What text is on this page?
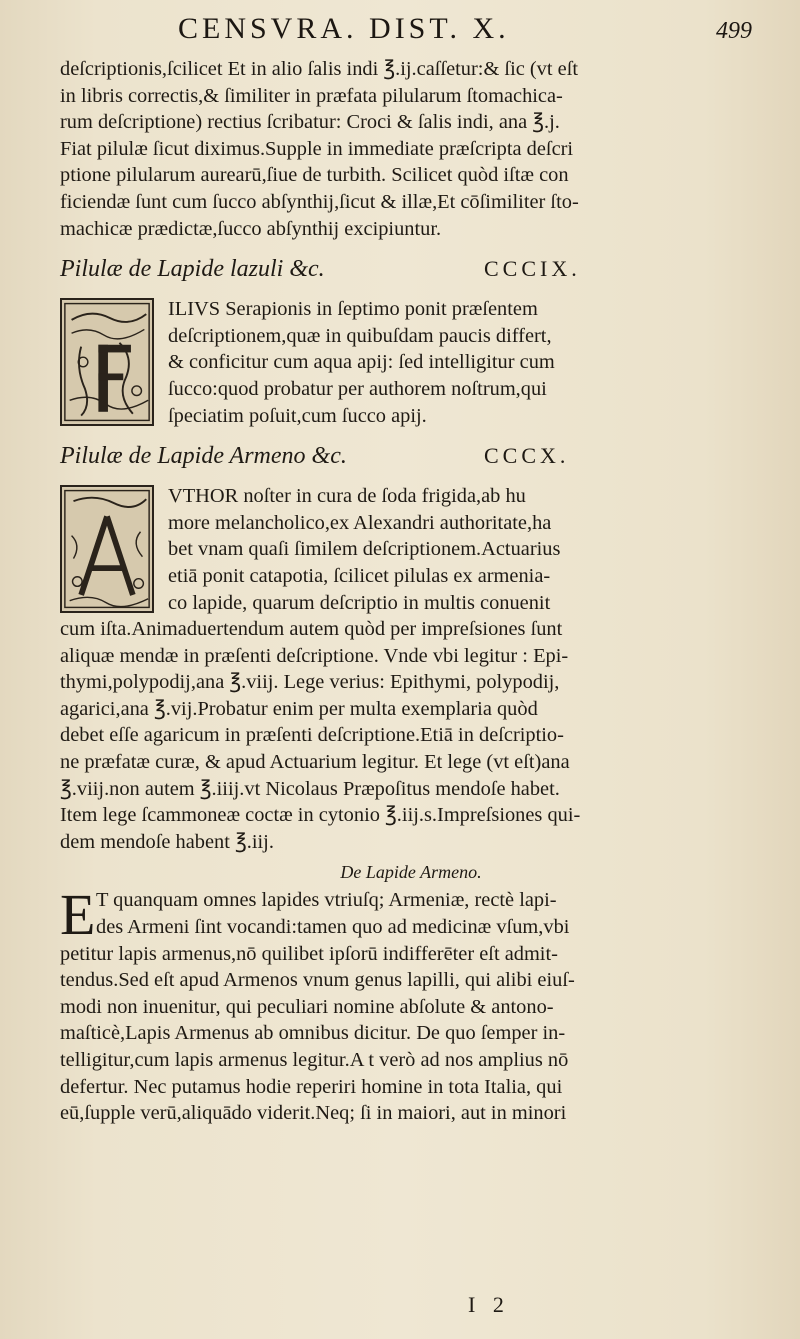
CENSVRA. DIST. X.	499
deſcriptionis,ſcilicet Et in alio ſalis indi ℥.ij.caſſetur:& ſic (vt eſt
in libris correctis,& ſimiliter in præfata pilularum ſtomachica-
rum deſcriptione) rectius ſcribatur: Croci & ſalis indi, ana ℥.j.
Fiat pilulæ ſicut diximus.Supple in immediate præſcripta deſcri
ptione pilularum aurearū,ſiue de turbith. Scilicet quòd iſtæ con
ficiendæ ſunt cum ſucco abſynthij,ſicut & illæ,Et cōſimiliter ſto-
machicæ prædictæ,ſucco abſynthij excipiuntur.
Pilulæ de Lapide lazuli &c.	CCCIX.
ILIVS Serapionis in ſeptimo ponit præſentem
deſcriptionem,quæ in quibuſdam paucis differt,
& conficitur cum aqua apij: ſed intelligitur cum
ſucco:quod probatur per authorem noſtrum,qui
ſpeciatim poſuit,cum ſucco apij.
Pilulæ de Lapide Armeno &c.	CCCX.
VTHOR noſter in cura de ſoda frigida,ab hu
more melancholico,ex Alexandri authoritate,ha
bet vnam quaſi ſimilem deſcriptionem.Actuarius
etiā ponit catapotia, ſcilicet pilulas ex armenia-
co lapide, quarum deſcriptio in multis conuenit
cum iſta.Animaduertendum autem quòd per impreſsiones ſunt
aliquæ mendæ in præſenti deſcriptione. Vnde vbi legitur : Epi-
thymi,polypodij,ana ℥.viij. Lege verius: Epithymi, polypodij,
agarici,ana ℥.vij.Probatur enim per multa exemplaria quòd
debet eſſe agaricum in præſenti deſcriptione.Etiā in deſcriptio-
ne præfatæ curæ, & apud Actuarium legitur. Et lege (vt eſt)ana
℥.viij.non autem ℥.iiij.vt Nicolaus Præpoſitus mendoſe habet.
Item lege ſcammoneæ coctæ in cytonio ℥.iij.s.Impreſsiones qui-
dem mendoſe habent ℥.iij.
De Lapide Armeno.
E T quanquam omnes lapides vtriuſq; Armeniæ, rectè lapi-
des Armeni ſint vocandi:tamen quo ad medicinæ vſum,vbi
petitur lapis armenus,nō quilibet ipſorū indifferēter eſt admit-
tendus.Sed eſt apud Armenos vnum genus lapilli, qui alibi eiuſ-
modi non inuenitur, qui peculiari nomine abſolute & antono-
maſticè,Lapis Armenus ab omnibus dicitur. De quo ſemper in-
telligitur,cum lapis armenus legitur.A t verò ad nos amplius nō
defertur. Nec putamus hodie reperiri homine in tota Italia, qui
eū,ſupple verū,aliquādo viderit.Neq; ſi in maiori, aut in minori
I 2
